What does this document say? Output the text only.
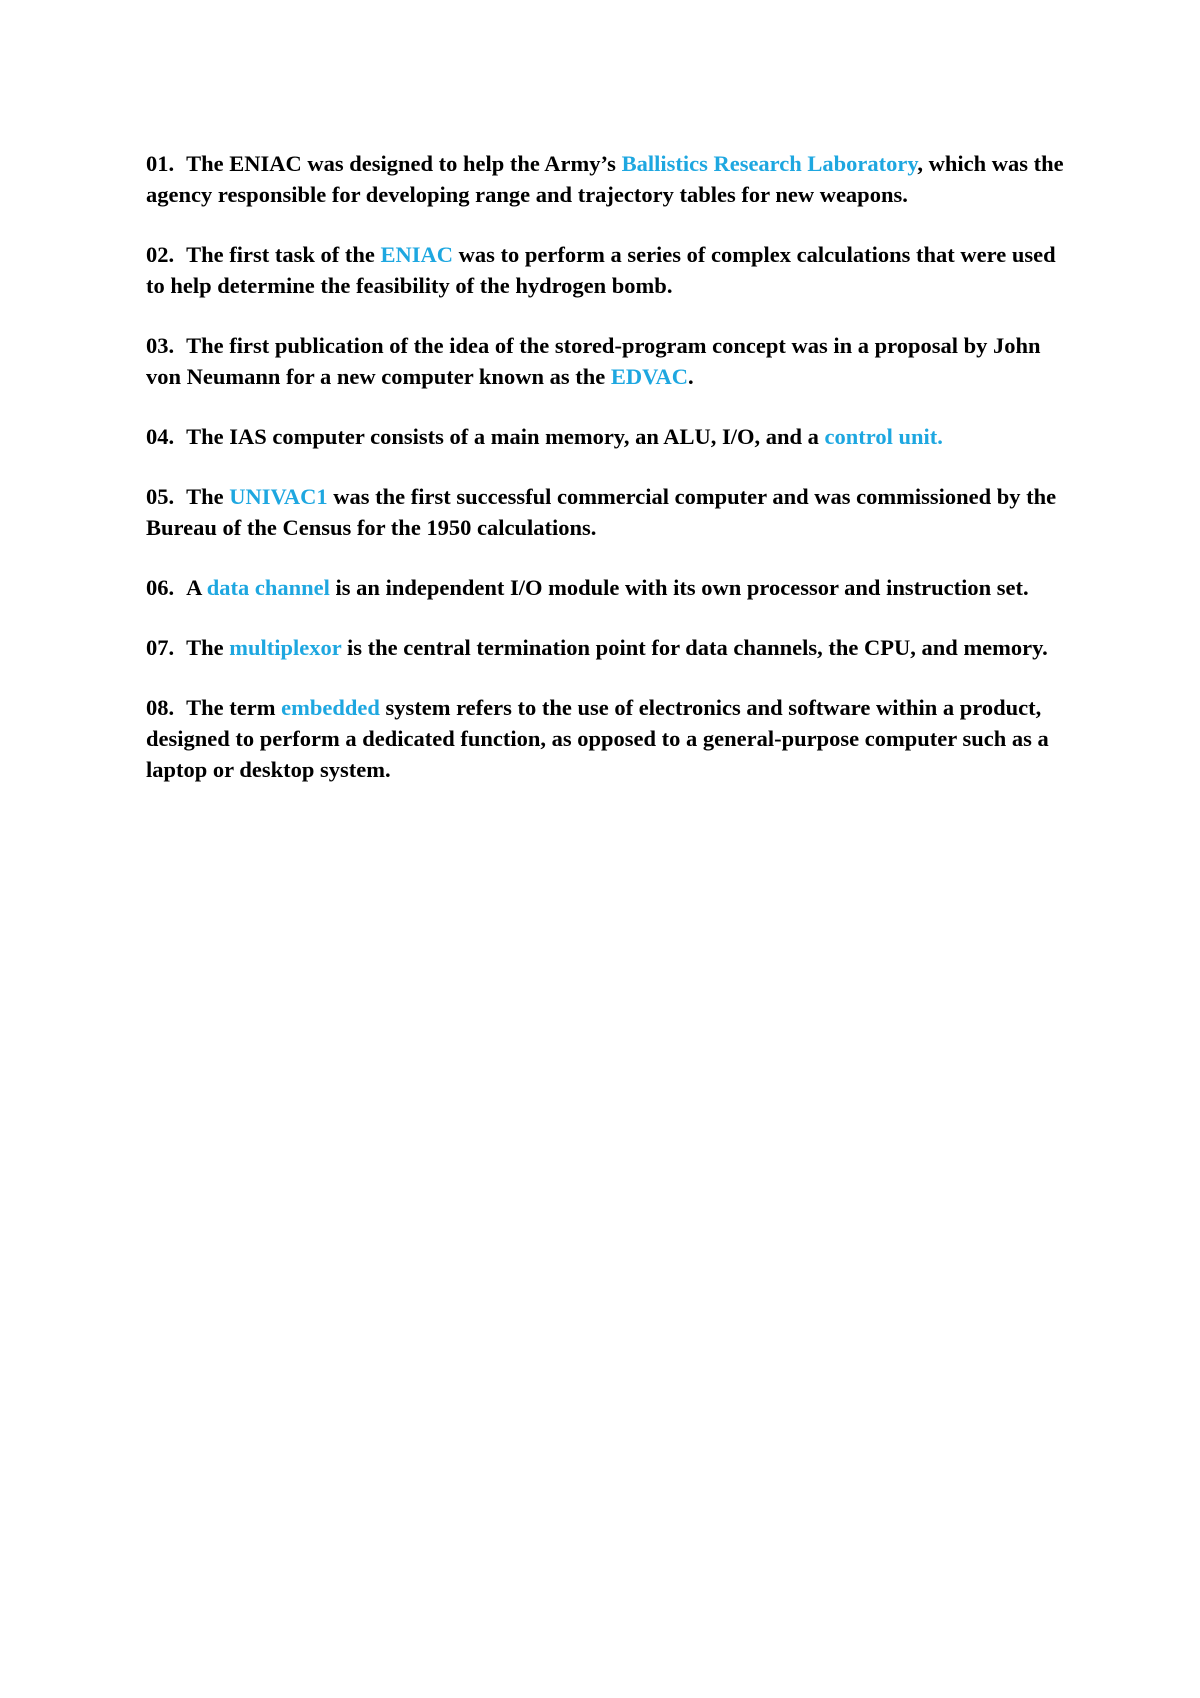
01. The ENIAC was designed to help the Army’s Ballistics Research Laboratory, which was the agency responsible for developing range and trajectory tables for new weapons.

02. The first task of the ENIAC was to perform a series of complex calculations that were used to help determine the feasibility of the hydrogen bomb.

03. The first publication of the idea of the stored-program concept was in a proposal by John von Neumann for a new computer known as the EDVAC.

04. The IAS computer consists of a main memory, an ALU, I/O, and a control unit.

05. The UNIVAC1 was the first successful commercial computer and was commissioned by the Bureau of the Census for the 1950 calculations.

06. A data channel is an independent I/O module with its own processor and instruction set.

07. The multiplexor is the central termination point for data channels, the CPU, and memory.

08. The term embedded system refers to the use of electronics and software within a product, designed to perform a dedicated function, as opposed to a general-purpose computer such as a laptop or desktop system.
